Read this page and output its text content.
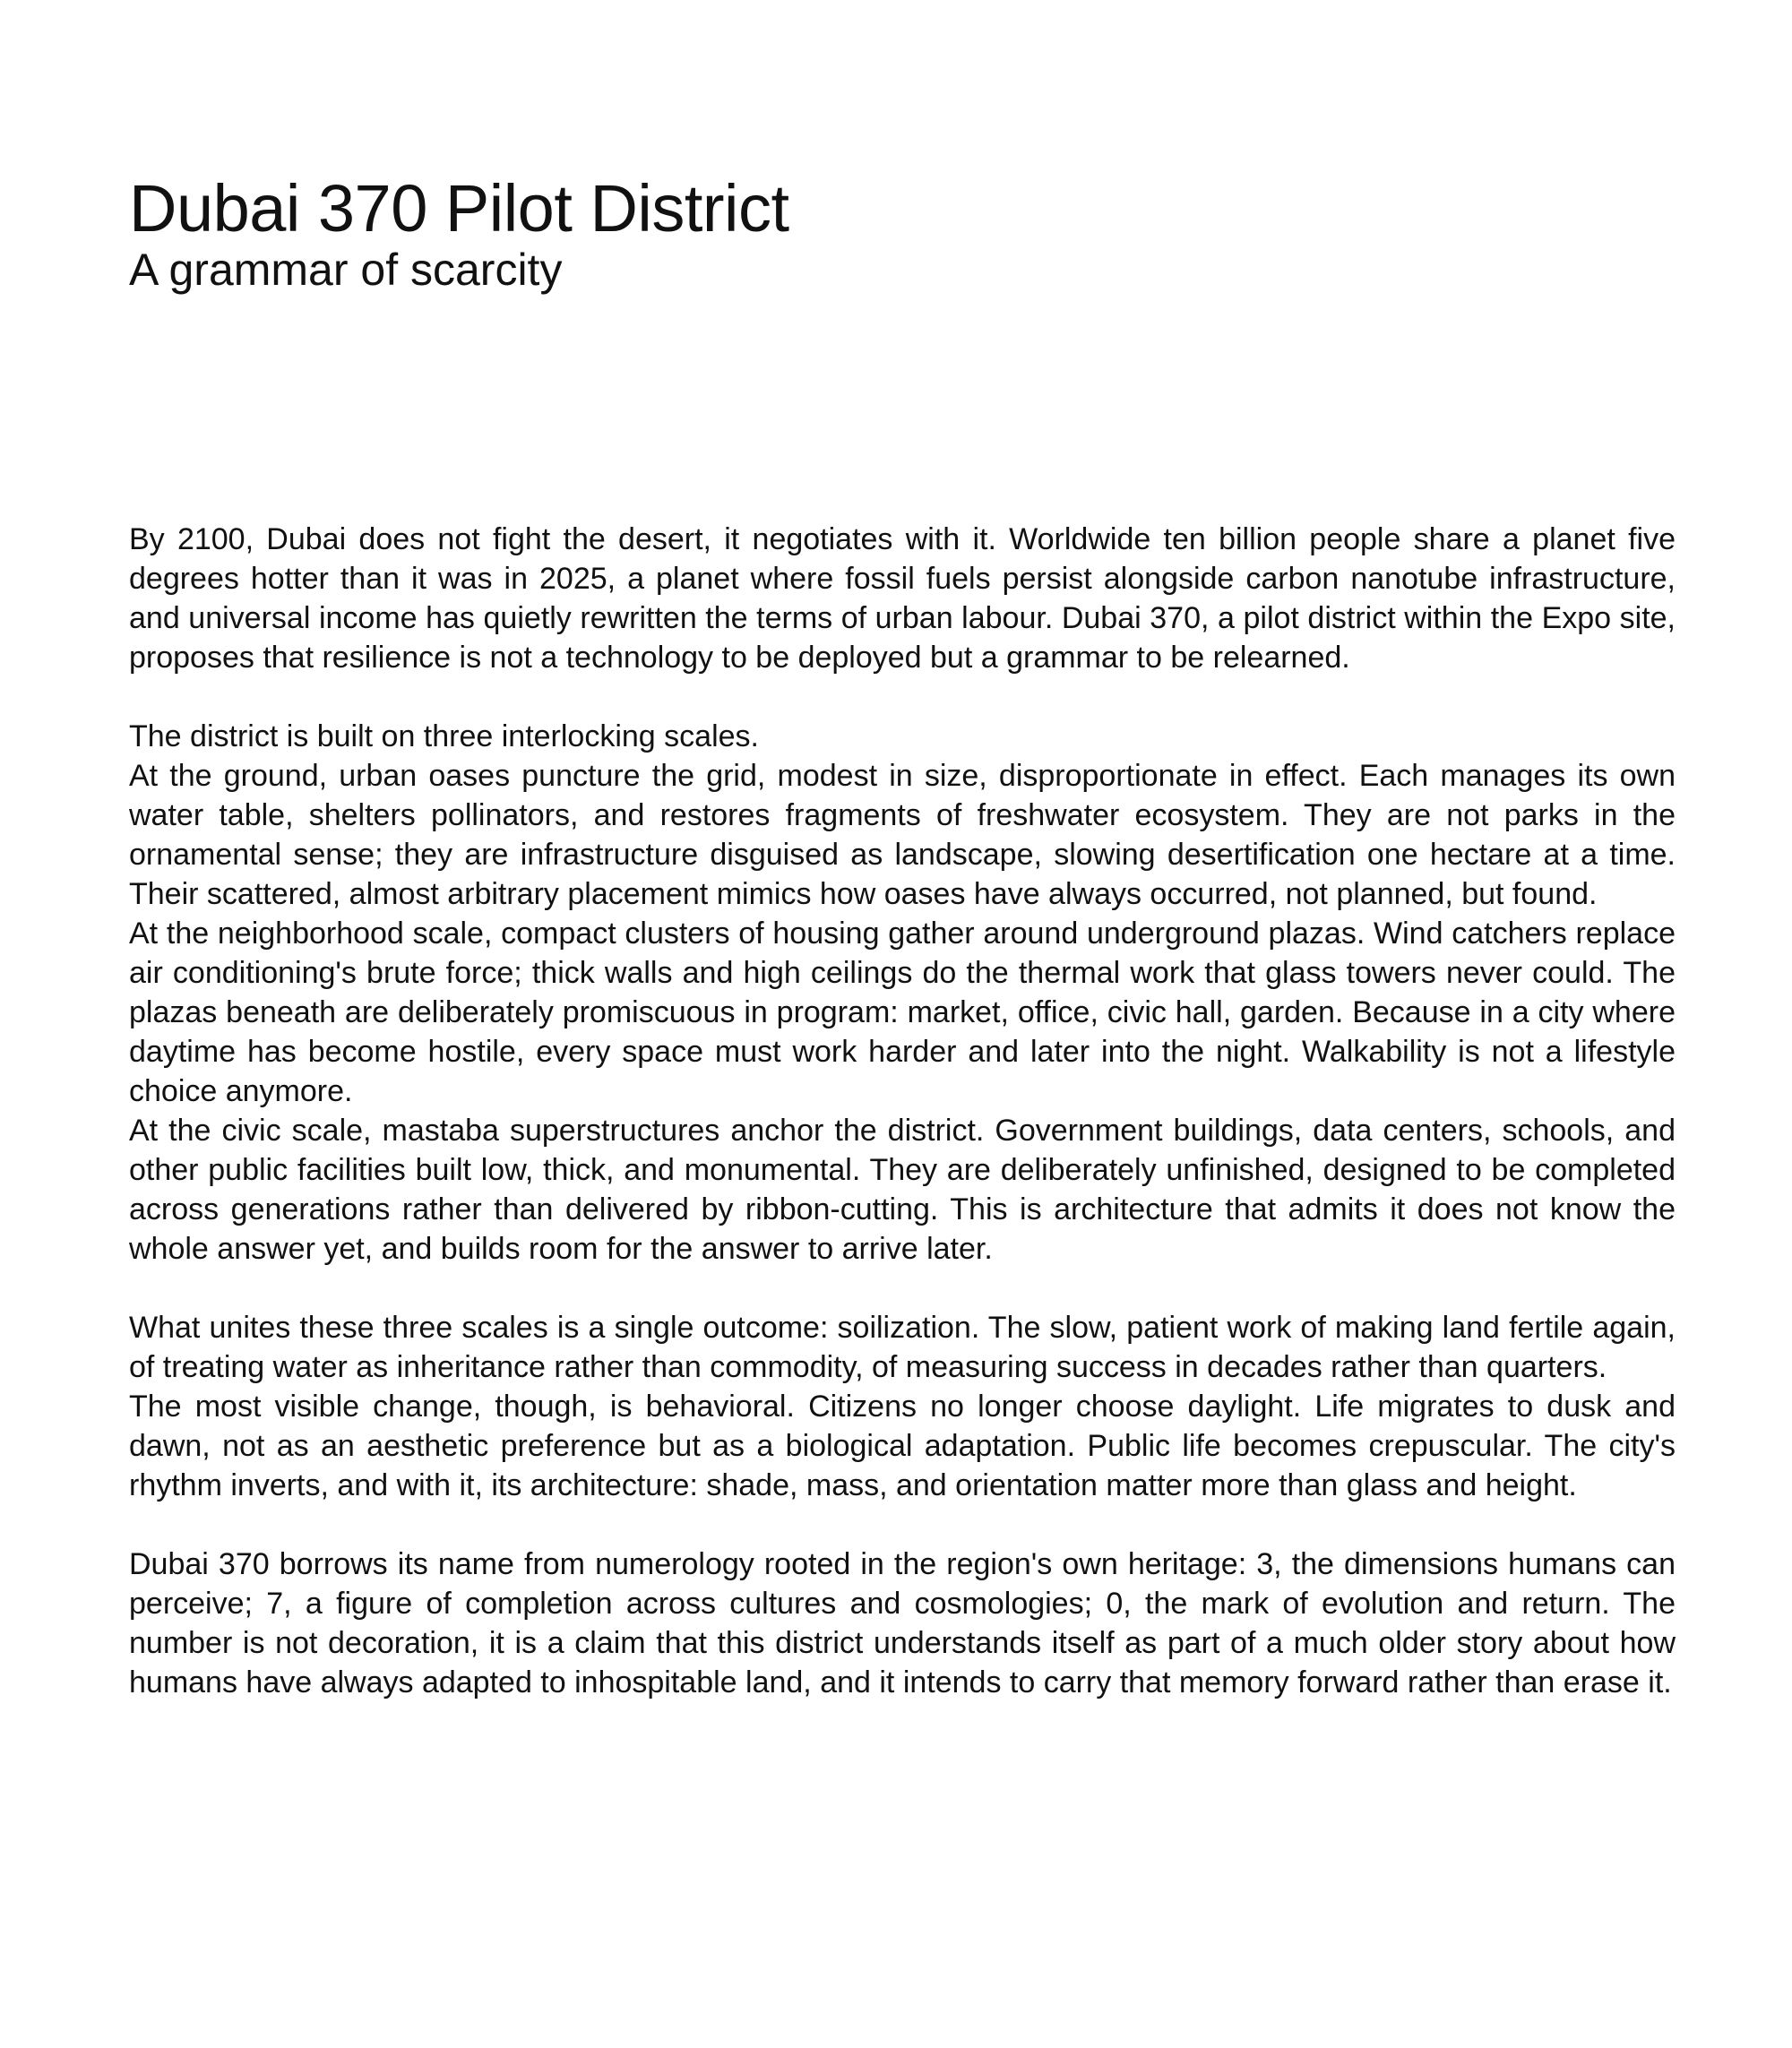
Dubai 370 Pilot District
A grammar of scarcity

By 2100, Dubai does not fight the desert, it negotiates with it. Worldwide ten billion people share a planet five degrees hotter than it was in 2025, a planet where fossil fuels persist alongside carbon nanotube infrastructure, and universal income has quietly rewritten the terms of urban labour. Dubai 370, a pilot district within the Expo site, proposes that resilience is not a technology to be deployed but a grammar to be relearned.

The district is built on three interlocking scales.

At the ground, urban oases puncture the grid, modest in size, disproportionate in effect. Each manages its own water table, shelters pollinators, and restores fragments of freshwater ecosystem. They are not parks in the ornamental sense; they are infrastructure disguised as landscape, slowing desertification one hectare at a time. Their scattered, almost arbitrary placement mimics how oases have always occurred, not planned, but found.

At the neighborhood scale, compact clusters of housing gather around underground plazas. Wind catchers replace air conditioning's brute force; thick walls and high ceilings do the thermal work that glass towers never could. The plazas beneath are deliberately promiscuous in program: market, office, civic hall, garden. Because in a city where daytime has become hostile, every space must work harder and later into the night. Walkability is not a lifestyle choice anymore.

At the civic scale, mastaba superstructures anchor the district. Government buildings, data centers, schools, and other public facilities built low, thick, and monumental. They are deliberately unfinished, designed to be completed across generations rather than delivered by ribbon-cutting. This is architecture that admits it does not know the whole answer yet, and builds room for the answer to arrive later.

What unites these three scales is a single outcome: soilization. The slow, patient work of making land fertile again, of treating water as inheritance rather than commodity, of measuring success in decades rather than quarters.

The most visible change, though, is behavioral. Citizens no longer choose daylight. Life migrates to dusk and dawn, not as an aesthetic preference but as a biological adaptation. Public life becomes crepuscular. The city's rhythm inverts, and with it, its architecture: shade, mass, and orientation matter more than glass and height.

Dubai 370 borrows its name from numerology rooted in the region's own heritage: 3, the dimensions humans can perceive; 7, a figure of completion across cultures and cosmologies; 0, the mark of evolution and return. The number is not decoration, it is a claim that this district understands itself as part of a much older story about how humans have always adapted to inhospitable land, and it intends to carry that memory forward rather than erase it.
